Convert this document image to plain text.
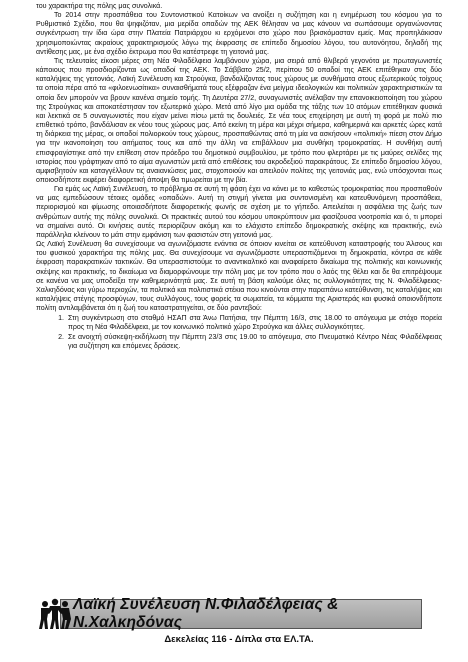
του χαρακτήρα της πόλης μας συνολικά.

Το 2014 στην προσπάθεια του Συντονιστικού Κατοίκων να ανοίξει η συζήτηση και η ενημέρωση του κόσμου για το Ρυθμιστικό Σχέδιο, που θα ψηφιζόταν, μια μερίδα οπαδών της ΑΕΚ θέλησαν να μας κάνουν να σωπάσουμε οργανώνοντας συγκέντρωση την ίδια ώρα στην Πλατεία Πατριάρχου κι ερχόμενοι στο χώρο που βρισκόμασταν εμείς. Μας προπηλάκισαν χρησιμοποιώντας ακραίους χαρακτηρισμούς λόγω της έκφρασης σε επίπεδο δημοσίου λόγου, του αυτονόητου, δηλαδή της αντίθεσης μας, με ένα σχέδιο έκτρωμα που θα κατέστρεφε τη γειτονιά μας.

Τις τελευταίες είκοσι μέρες στη Νέα Φιλαδέλφεια λαμβάνουν χώρα, μια σειρά από θλιβερά γεγονότα με πρωταγωνιστές κάποιους που προσδιορίζονται ως οπαδοί της ΑΕΚ. Το Σάββατο 25/2, περίπου 50 οπαδοί της ΑΕΚ επιτέθηκαν στις δύο καταλήψεις της γειτονιάς. Λαϊκή Συνέλευση και Στρούγκα, βανδαλίζοντας τους χώρους με συνθήματα στους εξωτερικούς τοίχους τα οποία πέρα από τα «φιλοενωσίτικα» συναισθήματά τους εξέφραζαν ένα μείγμα ιδεολογικών και πολιτικών χαρακτηριστικών τα οποία δεν μπορούν να βρουν κανένα σημείο τομής. Τη Δευτέρα 27/2, συναγωνιστές ανέλαβαν την επανοικειοποίηση του χώρου της Στρούγκας και αποκατέστησαν τον εξωτερικό χώρο. Μετά από λίγο μια ομάδα της τάξης των 10 ατόμων επιτέθηκαν φυσικά και λεκτικά σε 5 συναγωνιστές που είχαν μείνει πίσω μετά τις δουλειές. Σε νέα τους επιχείρηση με αυτή τη φορά με πολύ πιο επιθετικό τρόπο, βανδάλισαν εκ νέου τους χώρους μας. Από εκείνη τη μέρα και μέχρι σήμερα, καθημερινά και αρκετές ώρες κατά τη διάρκεια της μέρας, οι οπαδοί πολιορκούν τους χώρους, προσπαθώντας από τη μία να ασκήσουν «πολιτική» πίεση στον Δήμο για την ικανοποίηση του αιτήματος τους και από την άλλη να επιβάλλουν μια συνθήκη τρομοκρατίας. Η συνθήκη αυτή επισφραγίστηκε από την επίθεση στον πρόεδρο του δημοτικού συμβουλίου, με τρόπο που φλερτάρει με τις μαύρες σελίδες της ιστορίας που γράφτηκαν από το αίμα αγωνιστών μετά από επιθέσεις του ακροδεξιού παρακράτους. Σε επίπεδο δημοσίου λόγου, αμφισβητούν και καταγγέλλουν τις αναιανιώσεις μας, στοχοποιούν και απειλούν πολίτες της γειτονιάς μας, ενώ υπόσχονται πως οποιοσδήποτε εκφέρει διαφορετική άποψη θα τιμωρείται με την βία.

Για εμάς ως Λαϊκή Συνέλευση, το πρόβλημα σε αυτή τη φάση έχει να κάνει με το καθεστώς τρομοκρατίας που προσπαθούν να μας εμπεδώσουν τέτοιες ομάδες «οπαδών». Αυτή τη στιγμή γίνεται μια συντονισμένη και κατευθυνόμενη προσπάθεια, περιορισμού και φίμωσης οποιασδήποτε διαφορετικής φωνής σε σχέση με το γήπεδο. Απειλείται η ασφάλεια της ζωής των ανθρώπων αυτής της πόλης συνολικά. Οι πρακτικές αυτού του κόσμου υποκρύπτουν μια φασίζουσα νοοτροπία και ό, τι μπορεί να σημαίνει αυτό. Οι κινήσεις αυτές περιορίζουν ακόμη και το ελάχιστο επίπεδο δημοκρατικής σκέψης και πρακτικής, ενώ παράλληλα κλείνουν το μάτι στην εμφάνιση των φασιστών στη γειτονιά μας.

Ως Λαϊκή Συνέλευση θα συνεχίσουμε να αγωνιζόμαστε ενάντια σε όποιον κινείται σε κατεύθυνση καταστροφής του Άλσους και του φυσικού χαρακτήρα της πόλης μας. Θα συνεχίσουμε να αγωνιζόμαστε υπερασπιζόμενοι τη δημοκρατία, κόντρα σε κάθε έκφραση παρακρατικών τακτικών. Θα υπερασπιστούμε το αναντικαλτικό και αναφαίρετο δικαίωμα της πολιτικής και κοινωνικής σκέψης και πρακτικής, το δικαίωμα να διαμορφώνουμε την πόλη μας με τον τρόπο που ο λαός της θέλει και δε θα επιτρέψουμε σε κανένα να μας υποδείξει την καθημερινότητά μας. Σε αυτή τη βάση καλούμε όλες τις συλλογικότητες της Ν. Φιλαδέλφειας-Χαλκηδόνας και γύρω περιοχών, τα πολιτικά και πολιτιστικά στέκια που κινούνται στην παραπάνω κατεύθυνση, τις καταλήψεις και καταλήψεις στέγης προσφύγων, τους συλλόγους, τους φορείς τα σωματεία, τα κόμματα της Αριστεράς και φυσικά οποιονδήποτε πολίτη αντιλαμβάνεται ότι η ζωή του καταστρατηγείται, σε δύο ραντεβού:

1. Στη συγκέντρωση στο σταθμό ΗΣΑΠ στα Άνω Πατήσια, την Πέμπτη 16/3, στις 18.00 το απόγευμα με στόχο πορεία προς τη Νέα Φιλαδέλφεια, με τον κοινωνικό πολιτικό χώρο Στρούγκα και άλλες συλλογικότητες.
2. Σε ανοιχτή σύσκεψη-εκδήλωση την Πέμπτη 23/3 στις 19.00 το απόγευμα, στο Πνευματικό Κέντρο Νέας Φιλαδέλφειας για συζήτηση και επόμενες δράσεις.
Λαϊκή Συνέλευση Ν.Φιλαδέλφειας & Ν.Χαλκηδόνας
Δεκελείας 116 - Δίπλα στα ΕΛ.ΤΑ.
